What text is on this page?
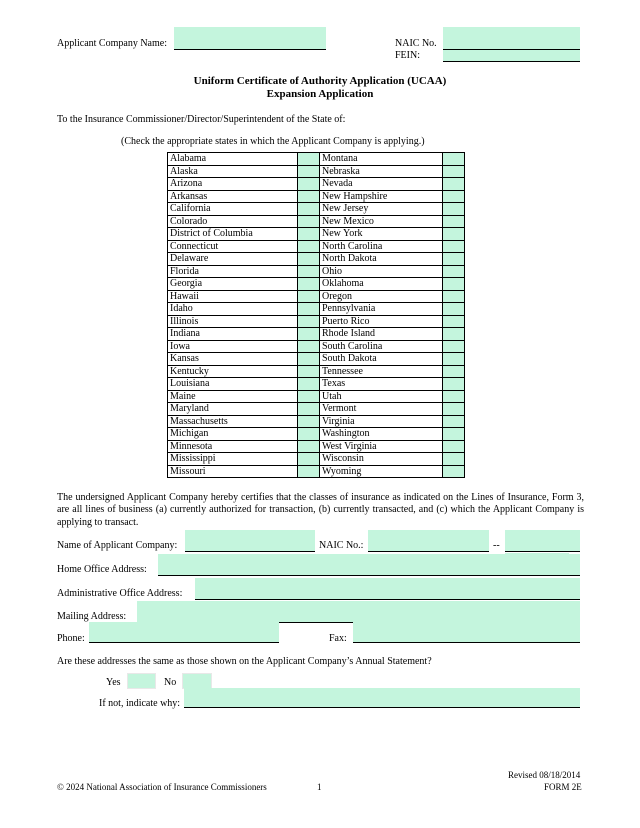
Applicant Company Name:	NAIC No.
FEIN:
Uniform Certificate of Authority Application (UCAA)
Expansion Application
To the Insurance Commissioner/Director/Superintendent of the State of:
(Check the appropriate states in which the Applicant Company is applying.)
Alabama		Montana	
Alaska		Nebraska	
Arizona		Nevada	
Arkansas		New Hampshire	
California		New Jersey	
Colorado		New Mexico	
District of Columbia		New York	
Connecticut		North Carolina	
Delaware		North Dakota	
Florida		Ohio	
Georgia		Oklahoma	
Hawaii		Oregon	
Idaho		Pennsylvania	
Illinois		Puerto Rico	
Indiana		Rhode Island	
Iowa		South Carolina	
Kansas		South Dakota	
Kentucky		Tennessee	
Louisiana		Texas	
Maine		Utah	
Maryland		Vermont	
Massachusetts		Virginia	
Michigan		Washington	
Minnesota		West Virginia	
Mississippi		Wisconsin	
Missouri		Wyoming	
The undersigned Applicant Company hereby certifies that the classes of insurance as indicated on the Lines of Insurance, Form 3, are all lines of business (a) currently authorized for transaction, (b) currently transacted, and (c) which the Applicant Company is applying to transact.
Name of Applicant Company:	NAIC No.:	--
Home Office Address:
Administrative Office Address:
Mailing Address:
Phone:	Fax:
Are these addresses the same as those shown on the Applicant Company’s Annual Statement?
Yes	No
If not, indicate why:
Revised 08/18/2014
© 2024 National Association of Insurance Commissioners	1	FORM 2E
